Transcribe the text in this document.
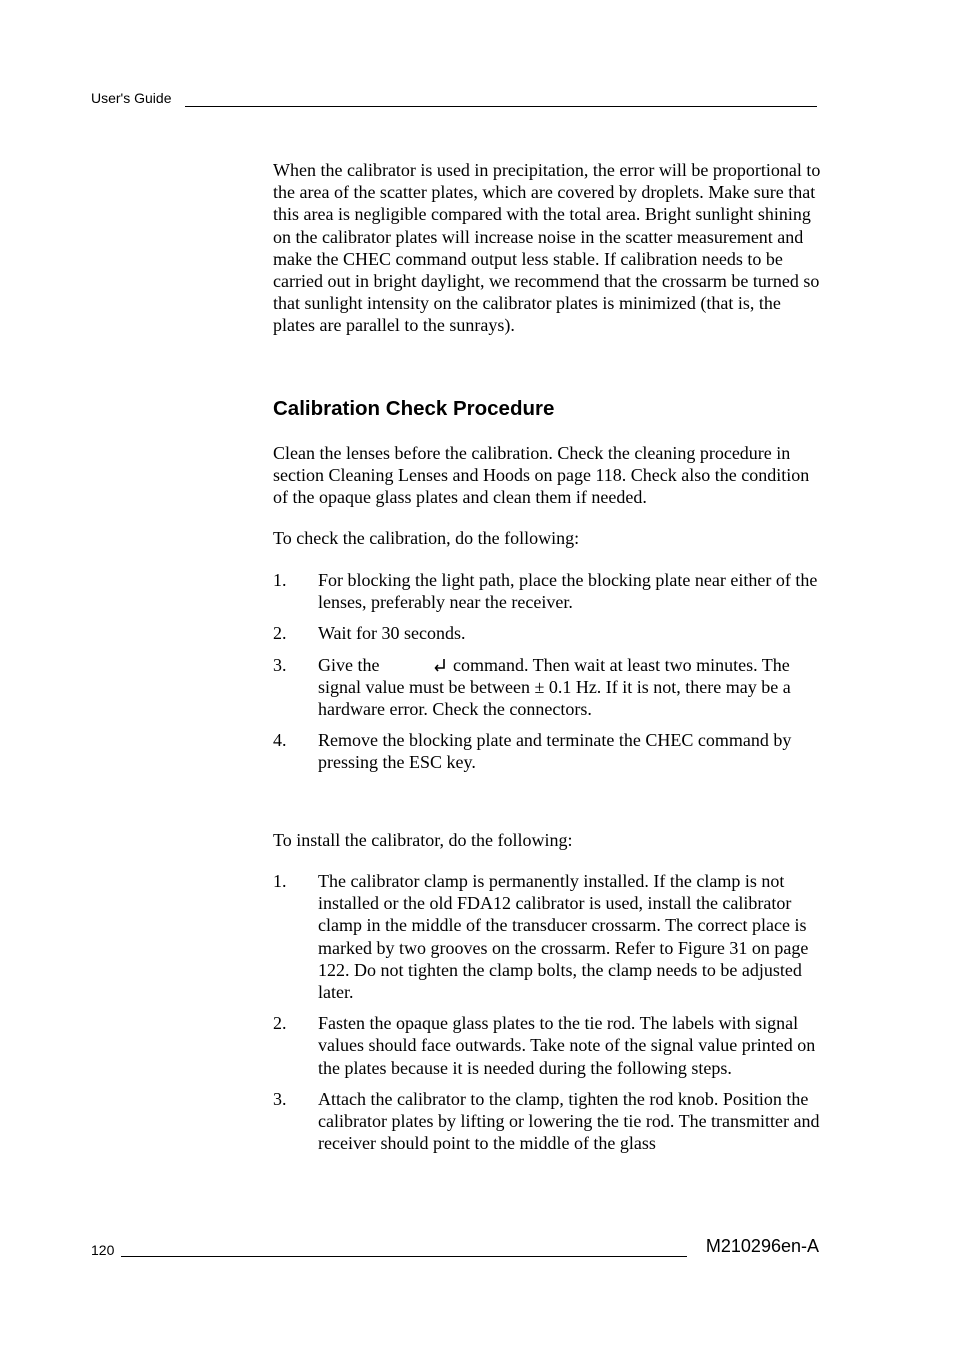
User's Guide

When the calibrator is used in precipitation, the error will be proportional to the area of the scatter plates, which are covered by droplets. Make sure that this area is negligible compared with the total area. Bright sunlight shining on the calibrator plates will increase noise in the scatter measurement and make the CHEC command output less stable. If calibration needs to be carried out in bright daylight, we recommend that the crossarm be turned so that sunlight intensity on the calibrator plates is minimized (that is, the plates are parallel to the sunrays).

Calibration Check Procedure

Clean the lenses before the calibration. Check the cleaning procedure in section Cleaning Lenses and Hoods on page 118. Check also the condition of the opaque glass plates and clean them if needed.

To check the calibration, do the following:

1. For blocking the light path, place the blocking plate near either of the lenses, preferably near the receiver.
2. Wait for 30 seconds.
3. Give the	command. Then wait at least two minutes. The signal value must be between ± 0.1 Hz. If it is not, there may be a hardware error. Check the connectors.
4. Remove the blocking plate and terminate the CHEC command by pressing the ESC key.

To install the calibrator, do the following:

1. The calibrator clamp is permanently installed. If the clamp is not installed or the old FDA12 calibrator is used, install the calibrator clamp in the middle of the transducer crossarm. The correct place is marked by two grooves on the crossarm. Refer to Figure 31 on page 122. Do not tighten the clamp bolts, the clamp needs to be adjusted later.
2. Fasten the opaque glass plates to the tie rod. The labels with signal values should face outwards. Take note of the signal value printed on the plates because it is needed during the following steps.
3. Attach the calibrator to the clamp, tighten the rod knob. Position the calibrator plates by lifting or lowering the tie rod. The transmitter and receiver should point to the middle of the glass
120	M210296en-A
